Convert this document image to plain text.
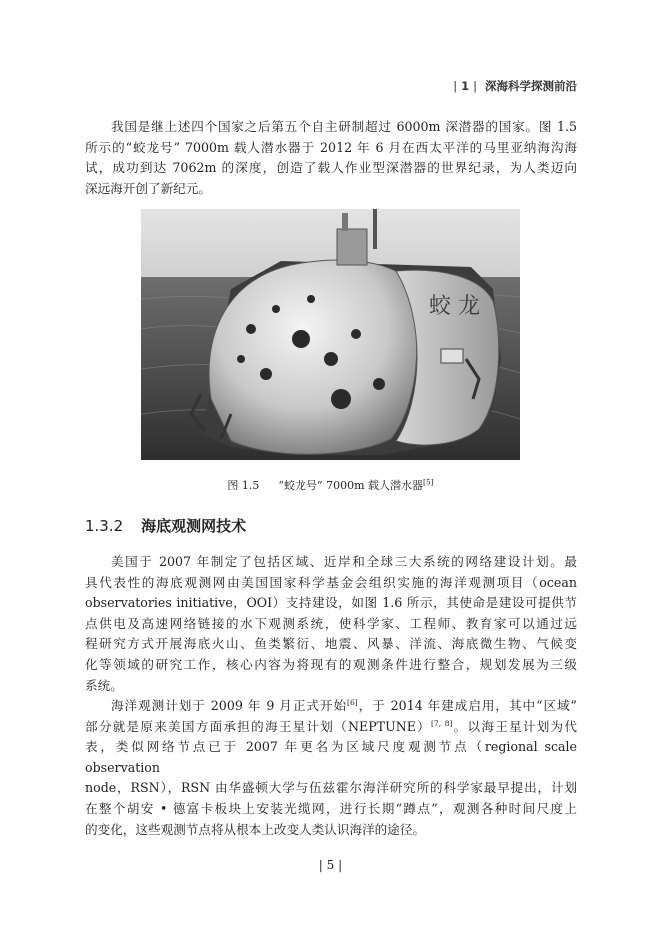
| 1 | 深海科学探测前沿
我国是继上述四个国家之后第五个自主研制超过 6000m 深潜器的国家。图 1.5
所示的“蛟龙号” 7000m 载人潜水器于 2012 年 6 月在西太平洋的马里亚纳海沟海
试，成功到达 7062m 的深度，创造了载人作业型深潜器的世界纪录，为人类迈向
深远海开创了新纪元。
蛟 龙
图 1.5 “蛟龙号” 7000m 载人潜水器[5]
1.3.2 海底观测网技术
美国于 2007 年制定了包括区域、近岸和全球三大系统的网络建设计划。最
具代表性的海底观测网由美国国家科学基金会组织实施的海洋观测项目（ocean
observatories initiative，OOI）支持建设，如图 1.6 所示，其使命是建设可提供节
点供电及高速网络链接的水下观测系统，使科学家、工程师、教育家可以通过远
程研究方式开展海底火山、鱼类繁衍、地震、风暴、洋流、海底微生物、气候变
化等领域的研究工作，核心内容为将现有的观测条件进行整合，规划发展为三级
系统。
海洋观测计划于 2009 年 9 月正式开始[6]，于 2014 年建成启用，其中“区域”
部分就是原来美国方面承担的海王星计划（NEPTUNE）[7, 8]。以海王星计划为代
表，类似网络节点已于 2007 年更名为区域尺度观测节点（regional scale observation
node，RSN），RSN 由华盛顿大学与伍兹霍尔海洋研究所的科学家最早提出，计划
在整个胡安 • 德富卡板块上安装光缆网，进行长期“蹲点”，观测各种时间尺度上
的变化，这些观测节点将从根本上改变人类认识海洋的途径。
| 5 |
